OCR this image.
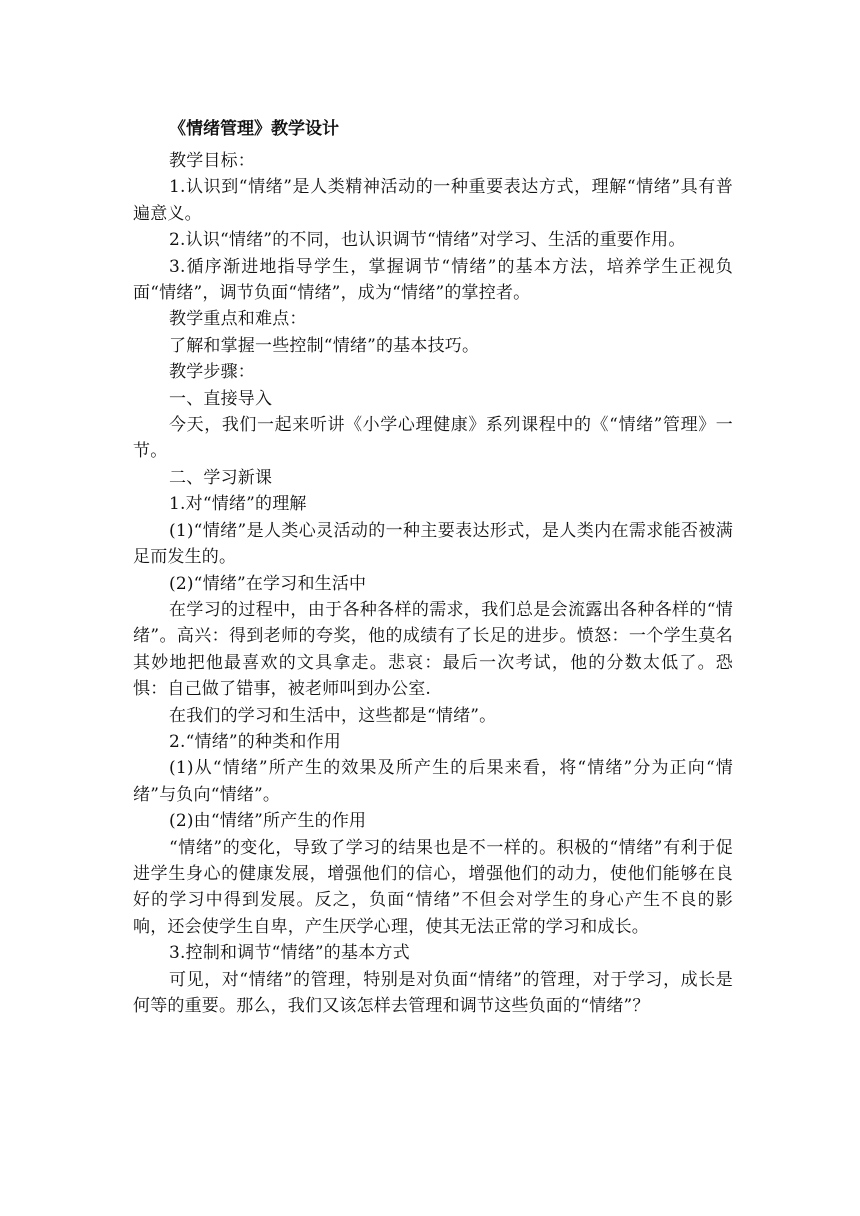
《情绪管理》教学设计

教学目标：

1.认识到“情绪”是人类精神活动的一种重要表达方式，理解“情绪”具有普遍意义。

2.认识“情绪”的不同，也认识调节“情绪”对学习、生活的重要作用。

3.循序渐进地指导学生，掌握调节“情绪”的基本方法，培养学生正视负面“情绪”，调节负面“情绪”，成为“情绪”的掌控者。

教学重点和难点：

了解和掌握一些控制“情绪”的基本技巧。

教学步骤：

一、直接导入

今天，我们一起来听讲《小学心理健康》系列课程中的《“情绪”管理》一节。

二、学习新课

1.对“情绪”的理解

(1)“情绪”是人类心灵活动的一种主要表达形式，是人类内在需求能否被满足而发生的。

(2)“情绪”在学习和生活中

在学习的过程中，由于各种各样的需求，我们总是会流露出各种各样的“情绪”。高兴：得到老师的夸奖，他的成绩有了长足的进步。愤怒：一个学生莫名其妙地把他最喜欢的文具拿走。悲哀：最后一次考试，他的分数太低了。恐惧：自己做了错事，被老师叫到办公室.

在我们的学习和生活中，这些都是“情绪”。

2.“情绪”的种类和作用

(1)从“情绪”所产生的效果及所产生的后果来看，将“情绪”分为正向“情绪”与负向“情绪”。

(2)由“情绪”所产生的作用

“情绪”的变化，导致了学习的结果也是不一样的。积极的“情绪”有利于促进学生身心的健康发展，增强他们的信心，增强他们的动力，使他们能够在良好的学习中得到发展。反之，负面“情绪”不但会对学生的身心产生不良的影响，还会使学生自卑，产生厌学心理，使其无法正常的学习和成长。

3.控制和调节“情绪”的基本方式

可见，对“情绪”的管理，特别是对负面“情绪”的管理，对于学习，成长是何等的重要。那么，我们又该怎样去管理和调节这些负面的“情绪”？
